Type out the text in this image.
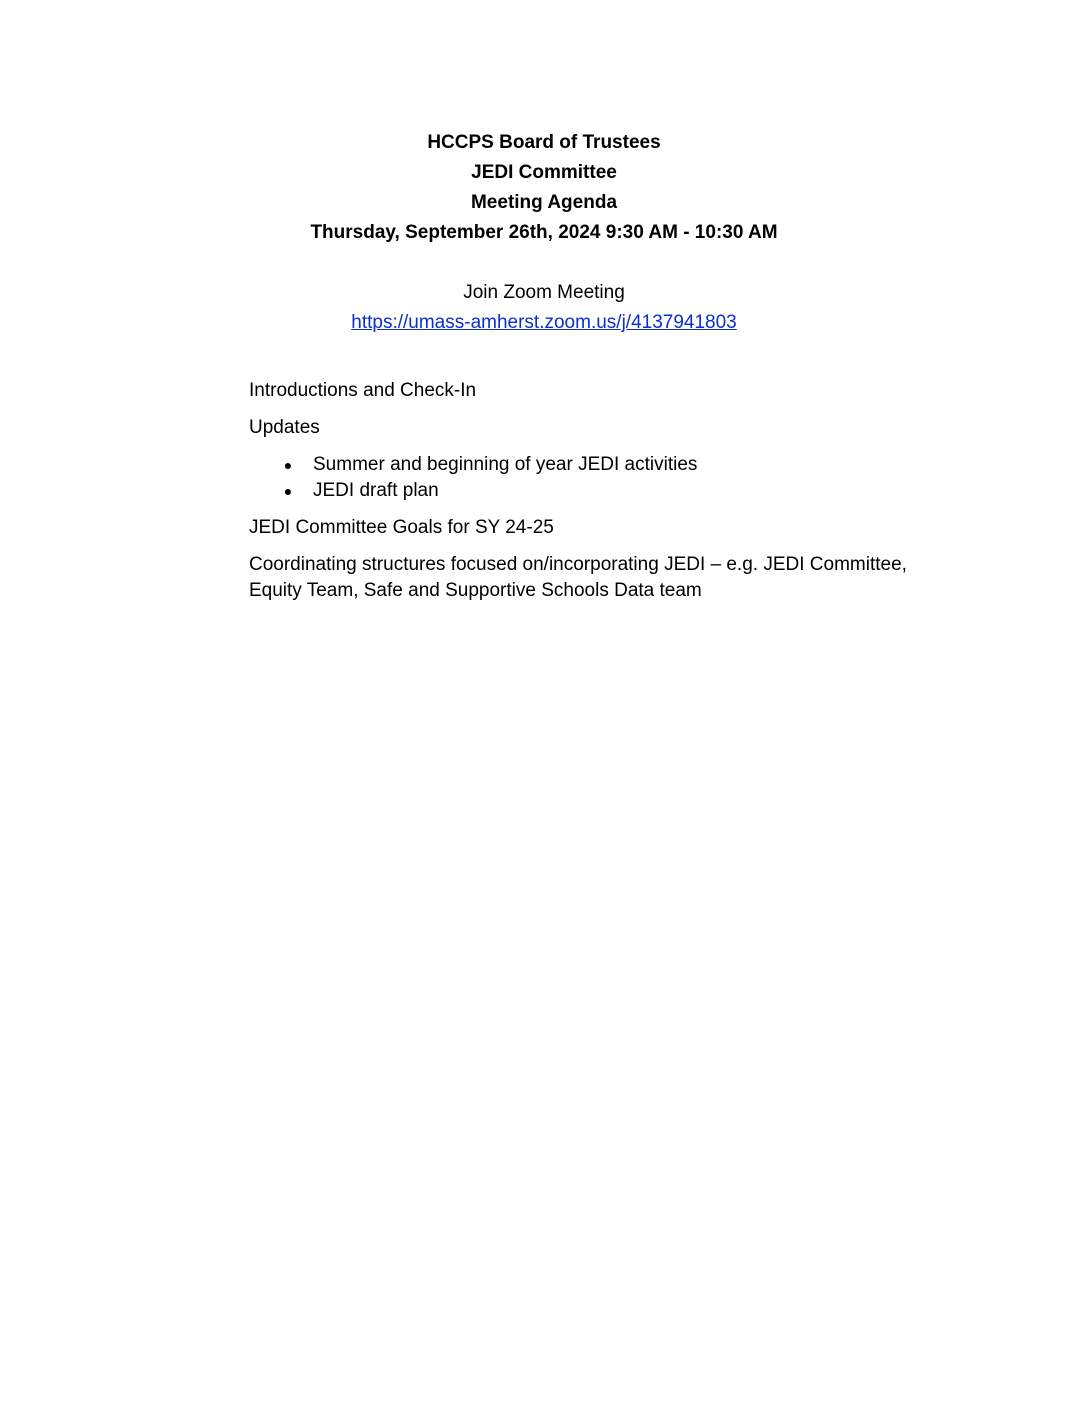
HCCPS Board of Trustees
JEDI Committee
Meeting Agenda
Thursday, September 26th, 2024 9:30 AM - 10:30 AM
Join Zoom Meeting
https://umass-amherst.zoom.us/j/4137941803
Introductions and Check-In
Updates
● Summer and beginning of year JEDI activities
● JEDI draft plan
JEDI Committee Goals for SY 24-25
Coordinating structures focused on/incorporating JEDI – e.g. JEDI Committee,
Equity Team, Safe and Supportive Schools Data team
